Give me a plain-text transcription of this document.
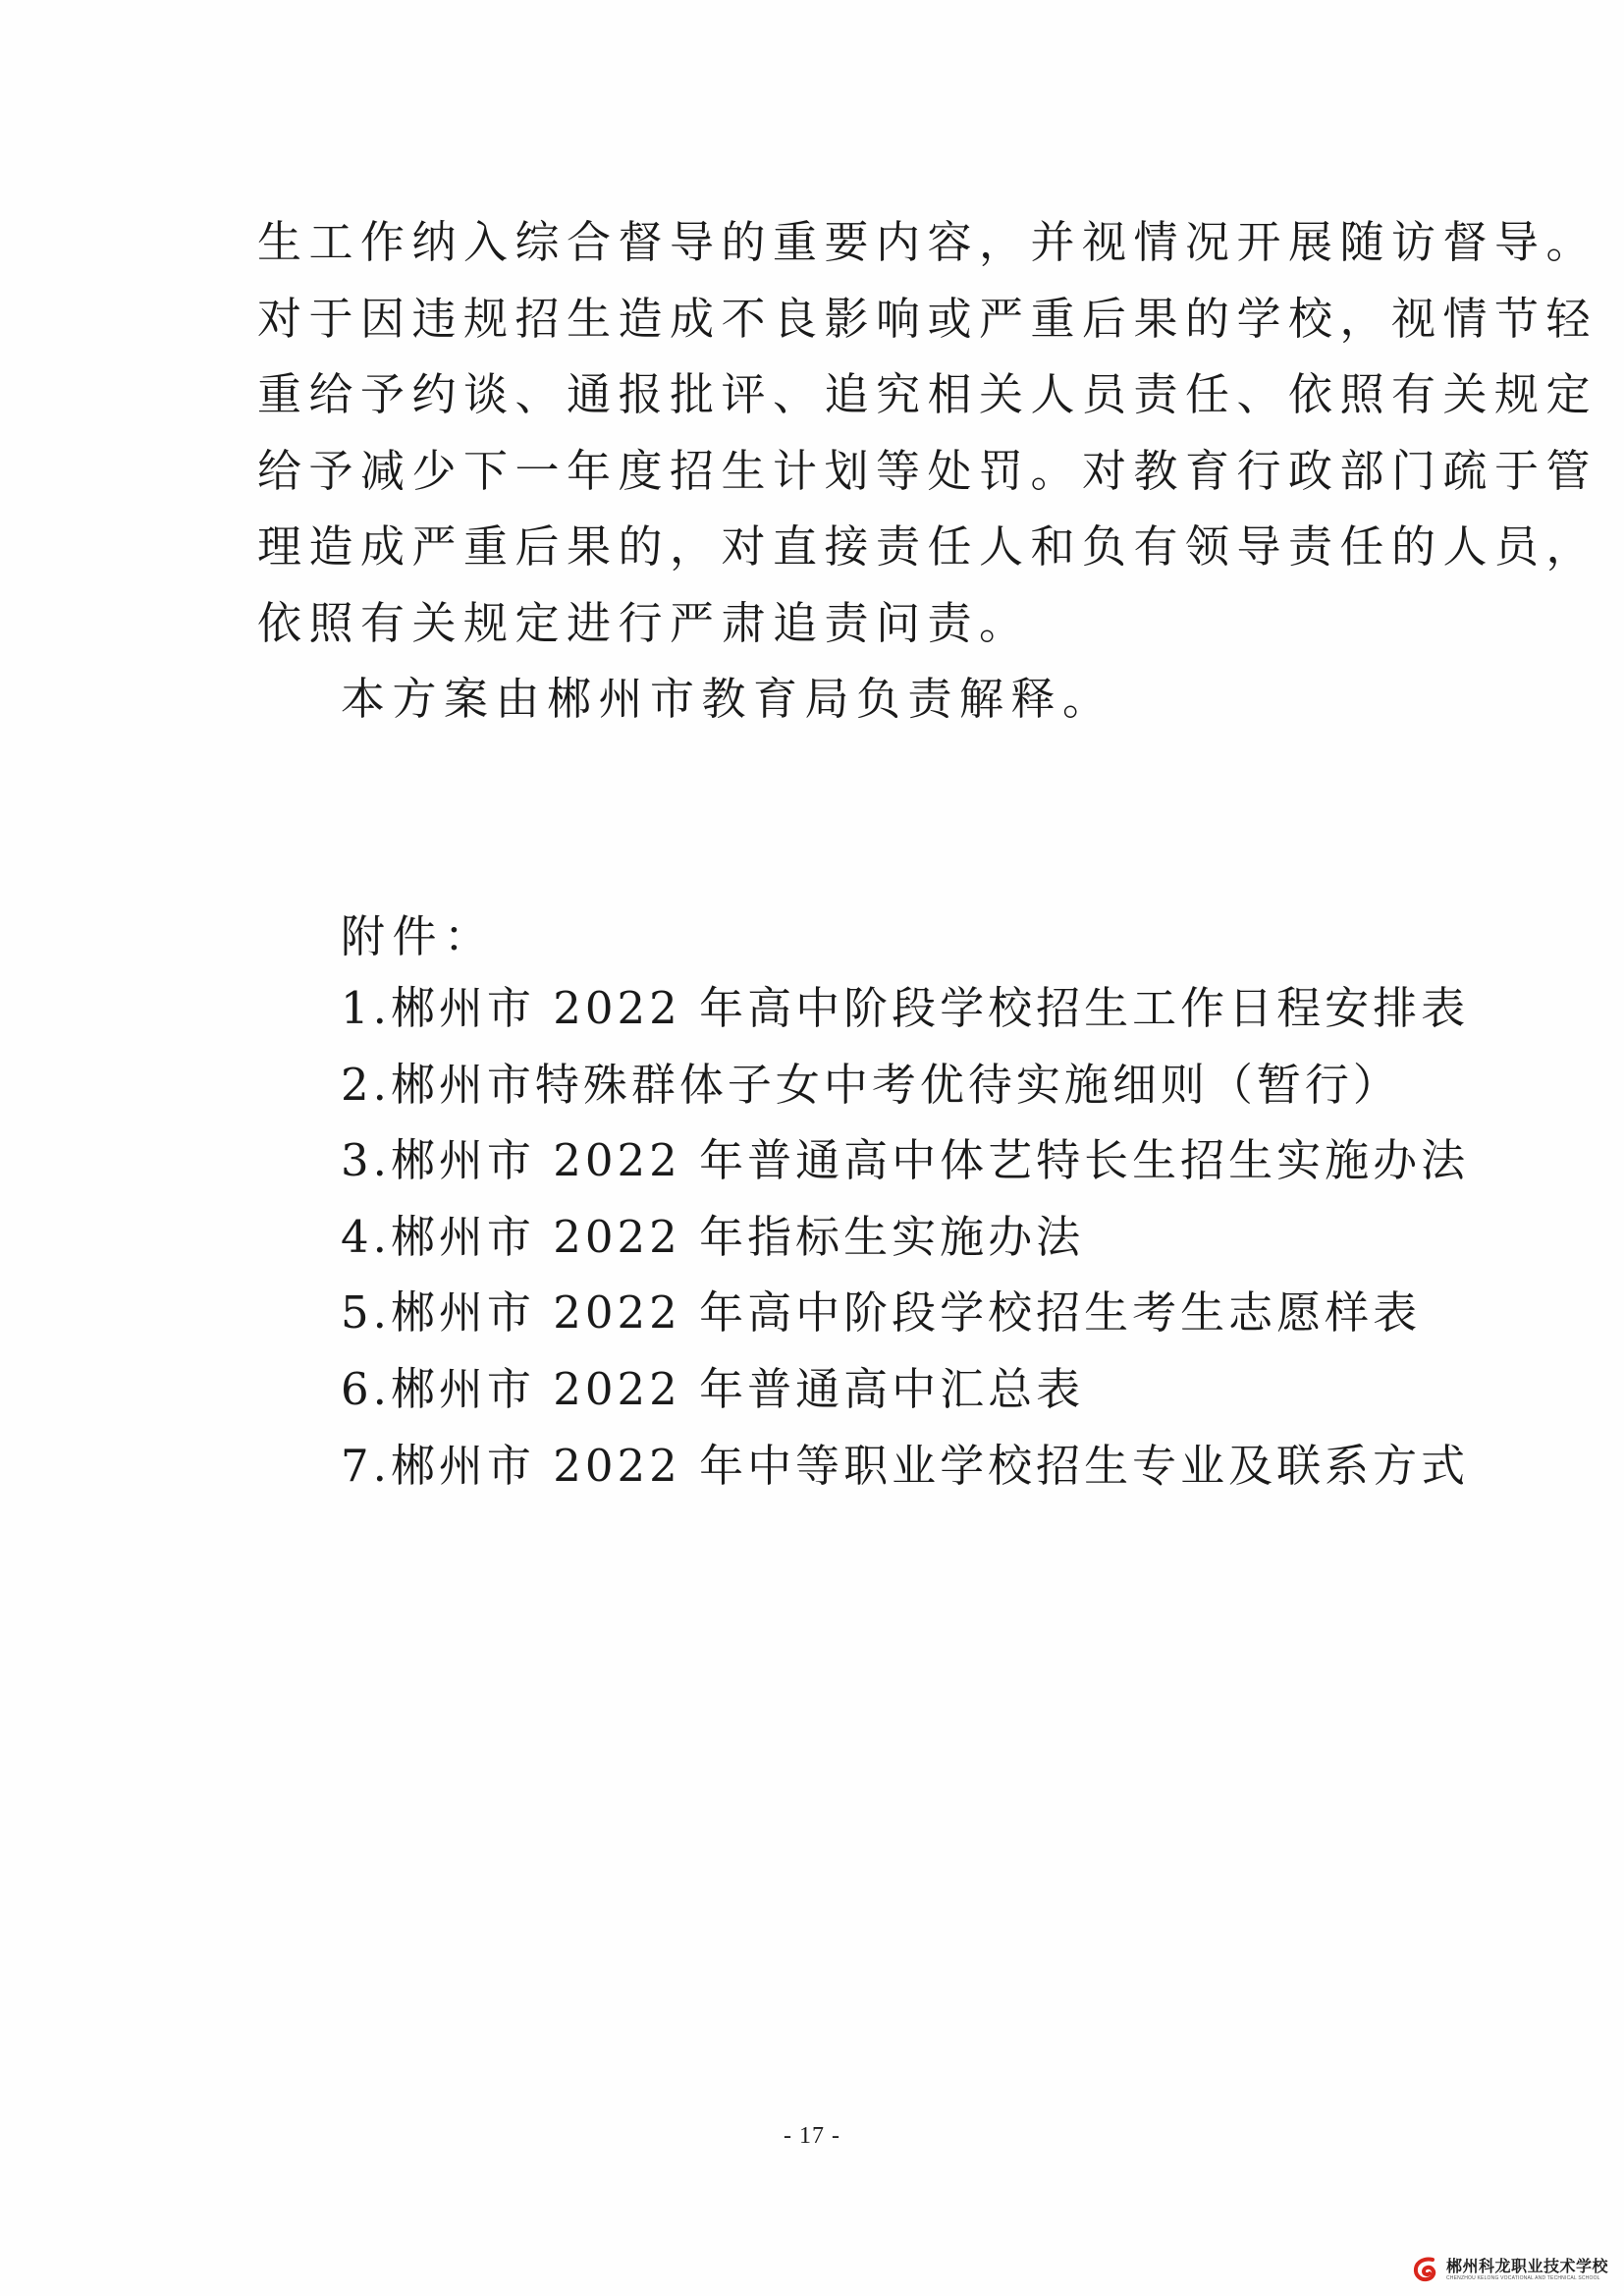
生工作纳入综合督导的重要内容，并视情况开展随访督导。
对于因违规招生造成不良影响或严重后果的学校，视情节轻
重给予约谈、通报批评、追究相关人员责任、依照有关规定
给予减少下一年度招生计划等处罚。对教育行政部门疏于管
理造成严重后果的，对直接责任人和负有领导责任的人员，
依照有关规定进行严肃追责问责。
本方案由郴州市教育局负责解释。
附件：
1.郴州市 2022 年高中阶段学校招生工作日程安排表
2.郴州市特殊群体子女中考优待实施细则（暂行）
3.郴州市 2022 年普通高中体艺特长生招生实施办法
4.郴州市 2022 年指标生实施办法
5.郴州市 2022 年高中阶段学校招生考生志愿样表
6.郴州市 2022 年普通高中汇总表
7.郴州市 2022 年中等职业学校招生专业及联系方式
- 17 -
郴州科龙职业技术学校
CHENZHOU KELONG VOCATIONAL AND TECHNICAL SCHOOL
